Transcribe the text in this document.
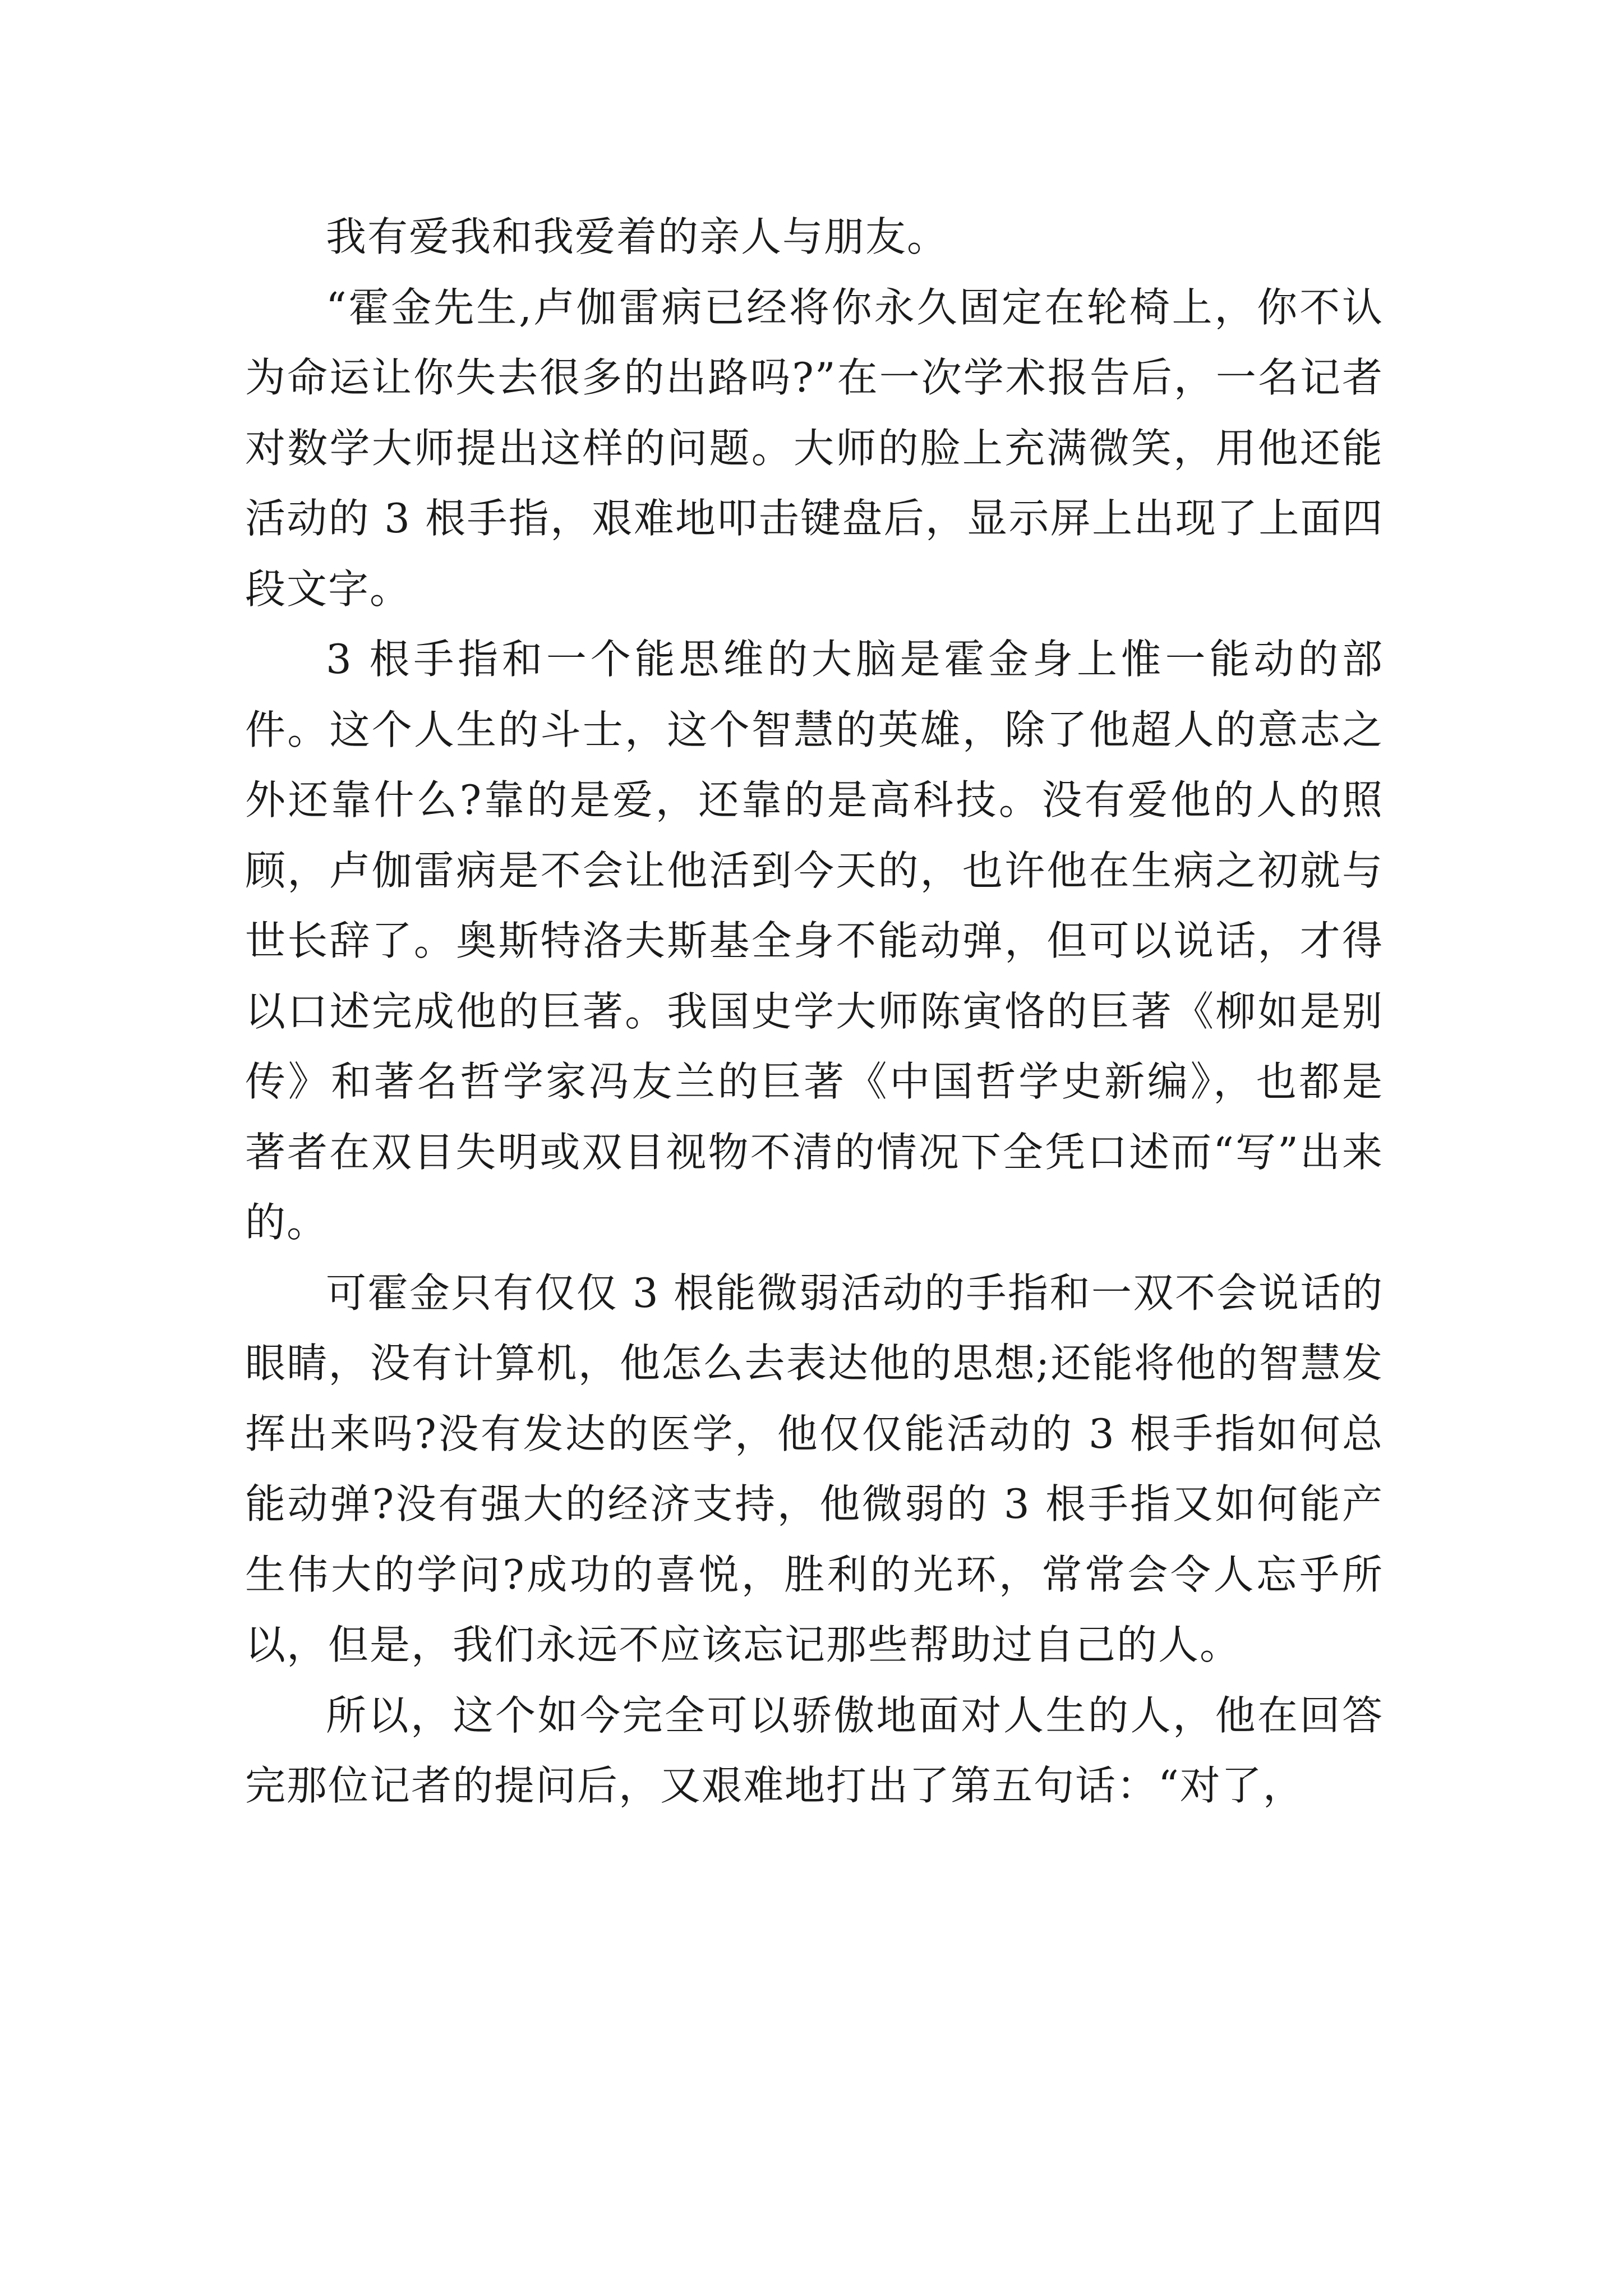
我有爱我和我爱着的亲人与朋友。

“霍金先生,卢伽雷病已经将你永久固定在轮椅上，你不认为命运让你失去很多的出路吗?”在一次学术报告后，一名记者对数学大师提出这样的问题。大师的脸上充满微笑，用他还能活动的 3 根手指，艰难地叩击键盘后，显示屏上出现了上面四段文字。

3 根手指和一个能思维的大脑是霍金身上惟一能动的部件。这个人生的斗士，这个智慧的英雄，除了他超人的意志之外还靠什么?靠的是爱，还靠的是高科技。没有爱他的人的照顾，卢伽雷病是不会让他活到今天的，也许他在生病之初就与世长辞了。奥斯特洛夫斯基全身不能动弹，但可以说话，才得以口述完成他的巨著。我国史学大师陈寅恪的巨著《柳如是别传》和著名哲学家冯友兰的巨著《中国哲学史新编》，也都是著者在双目失明或双目视物不清的情况下全凭口述而“写”出来的。

可霍金只有仅仅 3 根能微弱活动的手指和一双不会说话的眼睛，没有计算机，他怎么去表达他的思想;还能将他的智慧发挥出来吗?没有发达的医学，他仅仅能活动的 3 根手指如何总能动弹?没有强大的经济支持，他微弱的 3 根手指又如何能产生伟大的学问?成功的喜悦，胜利的光环，常常会令人忘乎所以，但是，我们永远不应该忘记那些帮助过自己的人。

所以，这个如今完全可以骄傲地面对人生的人，他在回答完那位记者的提问后，又艰难地打出了第五句话：“对了，
